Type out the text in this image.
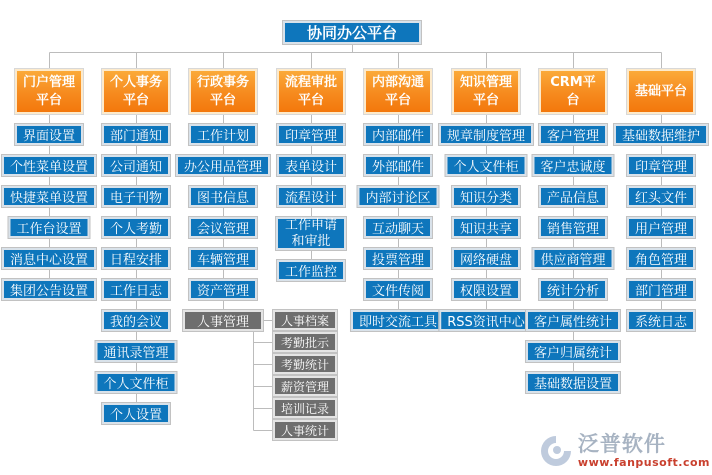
协同办公平台
门户管理平台
界面设置
个性菜单设置
快捷菜单设置
工作台设置
消息中心设置
集团公告设置
个人事务平台
部门通知
公司通知
电子刊物
个人考勤
日程安排
工作日志
我的会议
通讯录管理
个人文件柜
个人设置
行政事务平台
工作计划
办公用品管理
图书信息
会议管理
车辆管理
资产管理
人事管理	人事档案
考勤批示
考勤统计
薪资管理
培训记录
人事统计
流程审批平台
印章管理
表单设计
流程设计
工作申请和审批
工作监控
内部沟通平台
内部邮件
外部邮件
内部讨论区
互动聊天
投票管理
文件传阅
即时交流工具
知识管理平台
规章制度管理
个人文件柜
知识分类
知识共享
网络硬盘
权限设置
RSS资讯中心
CRM平台
客户管理
客户忠诚度
产品信息
销售管理
供应商管理
统计分析
客户属性统计
客户归属统计
基础数据设置
基础平台
基础数据维护
印章管理
红头文件
用户管理
角色管理
部门管理
系统日志
泛普软件
www.fanpusoft.com
